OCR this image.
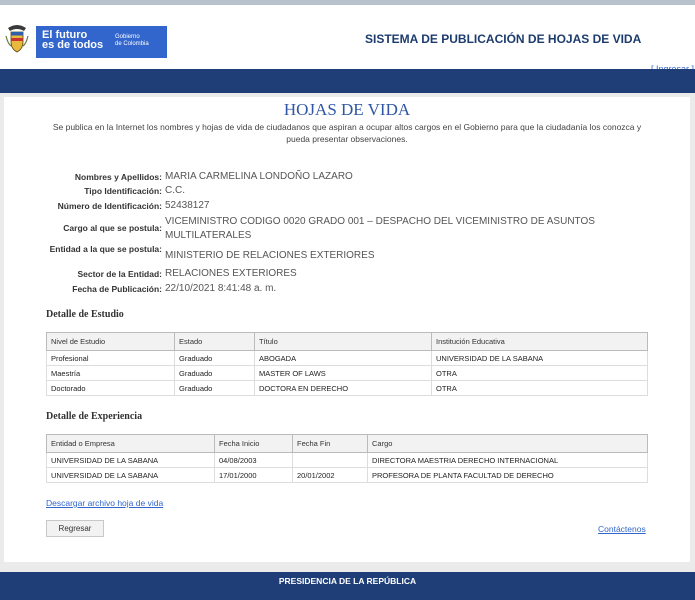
El futuro
es de todos
Gobierno
de Colombia	SISTEMA DE PUBLICACIÓN DE HOJAS DE VIDA
HOJAS DE VIDA
Se publica en la Internet los nombres y hojas de vida de ciudadanos que aspiran a ocupar altos cargos en el Gobierno para que la ciudadanía los conozca y pueda presentar observaciones.
Nombres y Apellidos: MARIA CARMELINA LONDOÑO LAZARO
Tipo Identificación: C.C.
Número de Identificación: 52438127
Cargo al que se postula:
VICEMINISTRO CODIGO 0020 GRADO 001 – DESPACHO DEL VICEMINISTRO DE ASUNTOS MULTILATERALES
Entidad a la que se postula:
MINISTERIO DE RELACIONES EXTERIORES
Sector de la Entidad: RELACIONES EXTERIORES
Fecha de Publicación: 22/10/2021 8:41:48 a. m.
Detalle de Estudio
Nivel de Estudio	Estado	Título	Institución Educativa
Profesional	Graduado	ABOGADA	UNIVERSIDAD DE LA SABANA
Maestría	Graduado	MASTER OF LAWS	OTRA
Doctorado	Graduado	DOCTORA EN DERECHO	OTRA
Detalle de Experiencia
Entidad o Empresa	Fecha Inicio	Fecha Fin	Cargo
UNIVERSIDAD DE LA SABANA	04/08/2003		DIRECTORA MAESTRIA DERECHO INTERNACIONAL
UNIVERSIDAD DE LA SABANA	17/01/2000	20/01/2002	PROFESORA DE PLANTA FACULTAD DE DERECHO
Descargar archivo hoja de vida
Regresar	Contáctenos
PRESIDENCIA DE LA REPÚBLICA
